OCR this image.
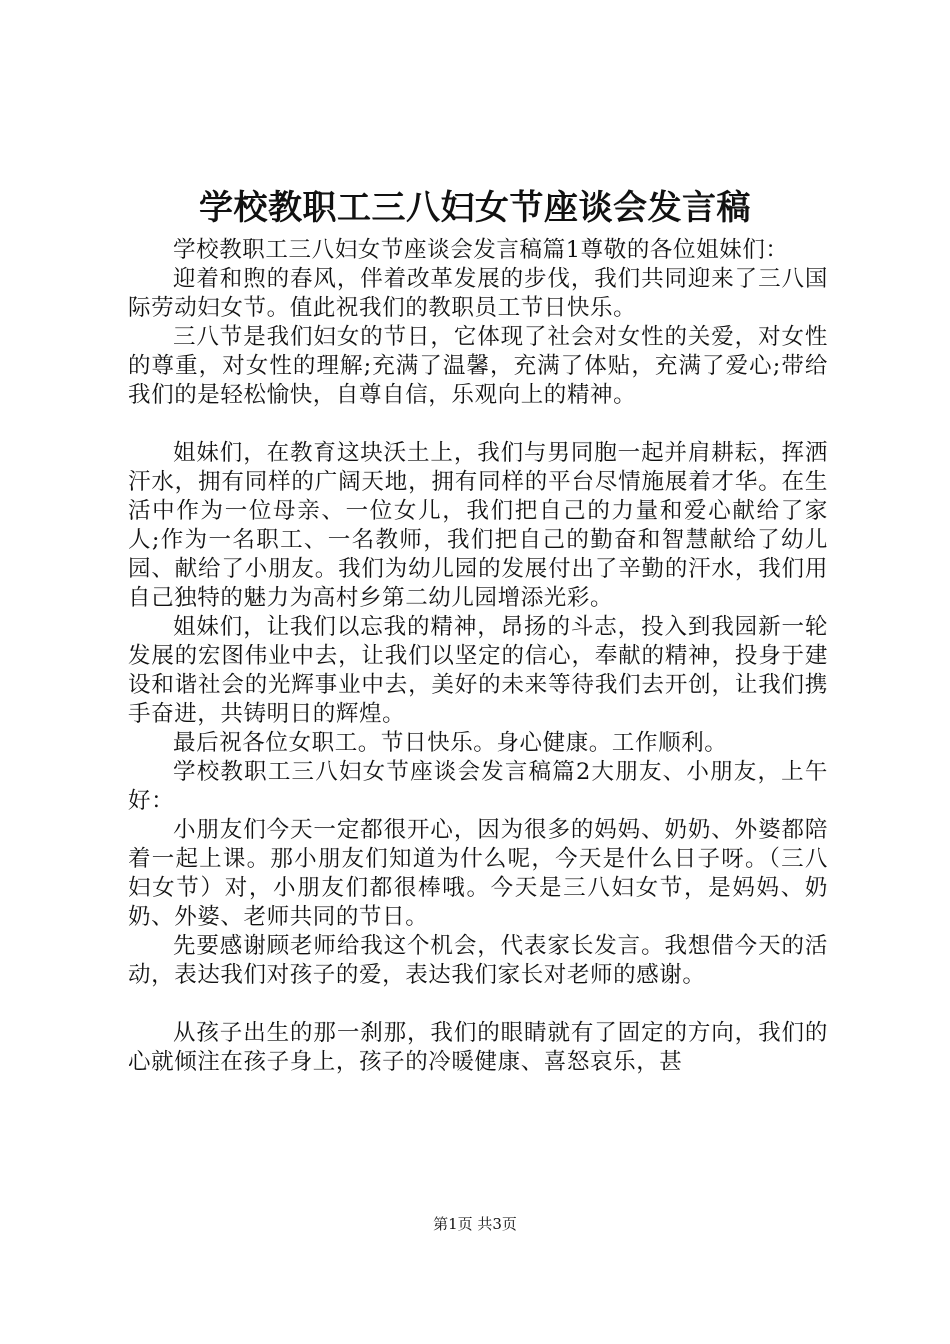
学校教职工三八妇女节座谈会发言稿

学校教职工三八妇女节座谈会发言稿篇1尊敬的各位姐妹们：

迎着和煦的春风，伴着改革发展的步伐，我们共同迎来了三八国际劳动妇女节。值此祝我们的教职员工节日快乐。

三八节是我们妇女的节日，它体现了社会对女性的关爱，对女性的尊重，对女性的理解;充满了温馨，充满了体贴，充满了爱心;带给我们的是轻松愉快，自尊自信，乐观向上的精神。

姐妹们，在教育这块沃土上，我们与男同胞一起并肩耕耘，挥洒汗水，拥有同样的广阔天地，拥有同样的平台尽情施展着才华。在生活中作为一位母亲、一位女儿，我们把自己的力量和爱心献给了家人;作为一名职工、一名教师，我们把自己的勤奋和智慧献给了幼儿园、献给了小朋友。我们为幼儿园的发展付出了辛勤的汗水，我们用自己独特的魅力为高村乡第二幼儿园增添光彩。

姐妹们，让我们以忘我的精神，昂扬的斗志，投入到我园新一轮发展的宏图伟业中去，让我们以坚定的信心，奉献的精神，投身于建设和谐社会的光辉事业中去，美好的未来等待我们去开创，让我们携手奋进，共铸明日的辉煌。

最后祝各位女职工。节日快乐。身心健康。工作顺利。

学校教职工三八妇女节座谈会发言稿篇2大朋友、小朋友，上午好：

小朋友们今天一定都很开心，因为很多的妈妈、奶奶、外婆都陪着一起上课。那小朋友们知道为什么呢，今天是什么日子呀。（三八妇女节）对，小朋友们都很棒哦。今天是三八妇女节，是妈妈、奶奶、外婆、老师共同的节日。

先要感谢顾老师给我这个机会，代表家长发言。我想借今天的活动，表达我们对孩子的爱，表达我们家长对老师的感谢。

从孩子出生的那一刹那，我们的眼睛就有了固定的方向，我们的心就倾注在孩子身上，孩子的冷暖健康、喜怒哀乐，甚

第1页 共3页
